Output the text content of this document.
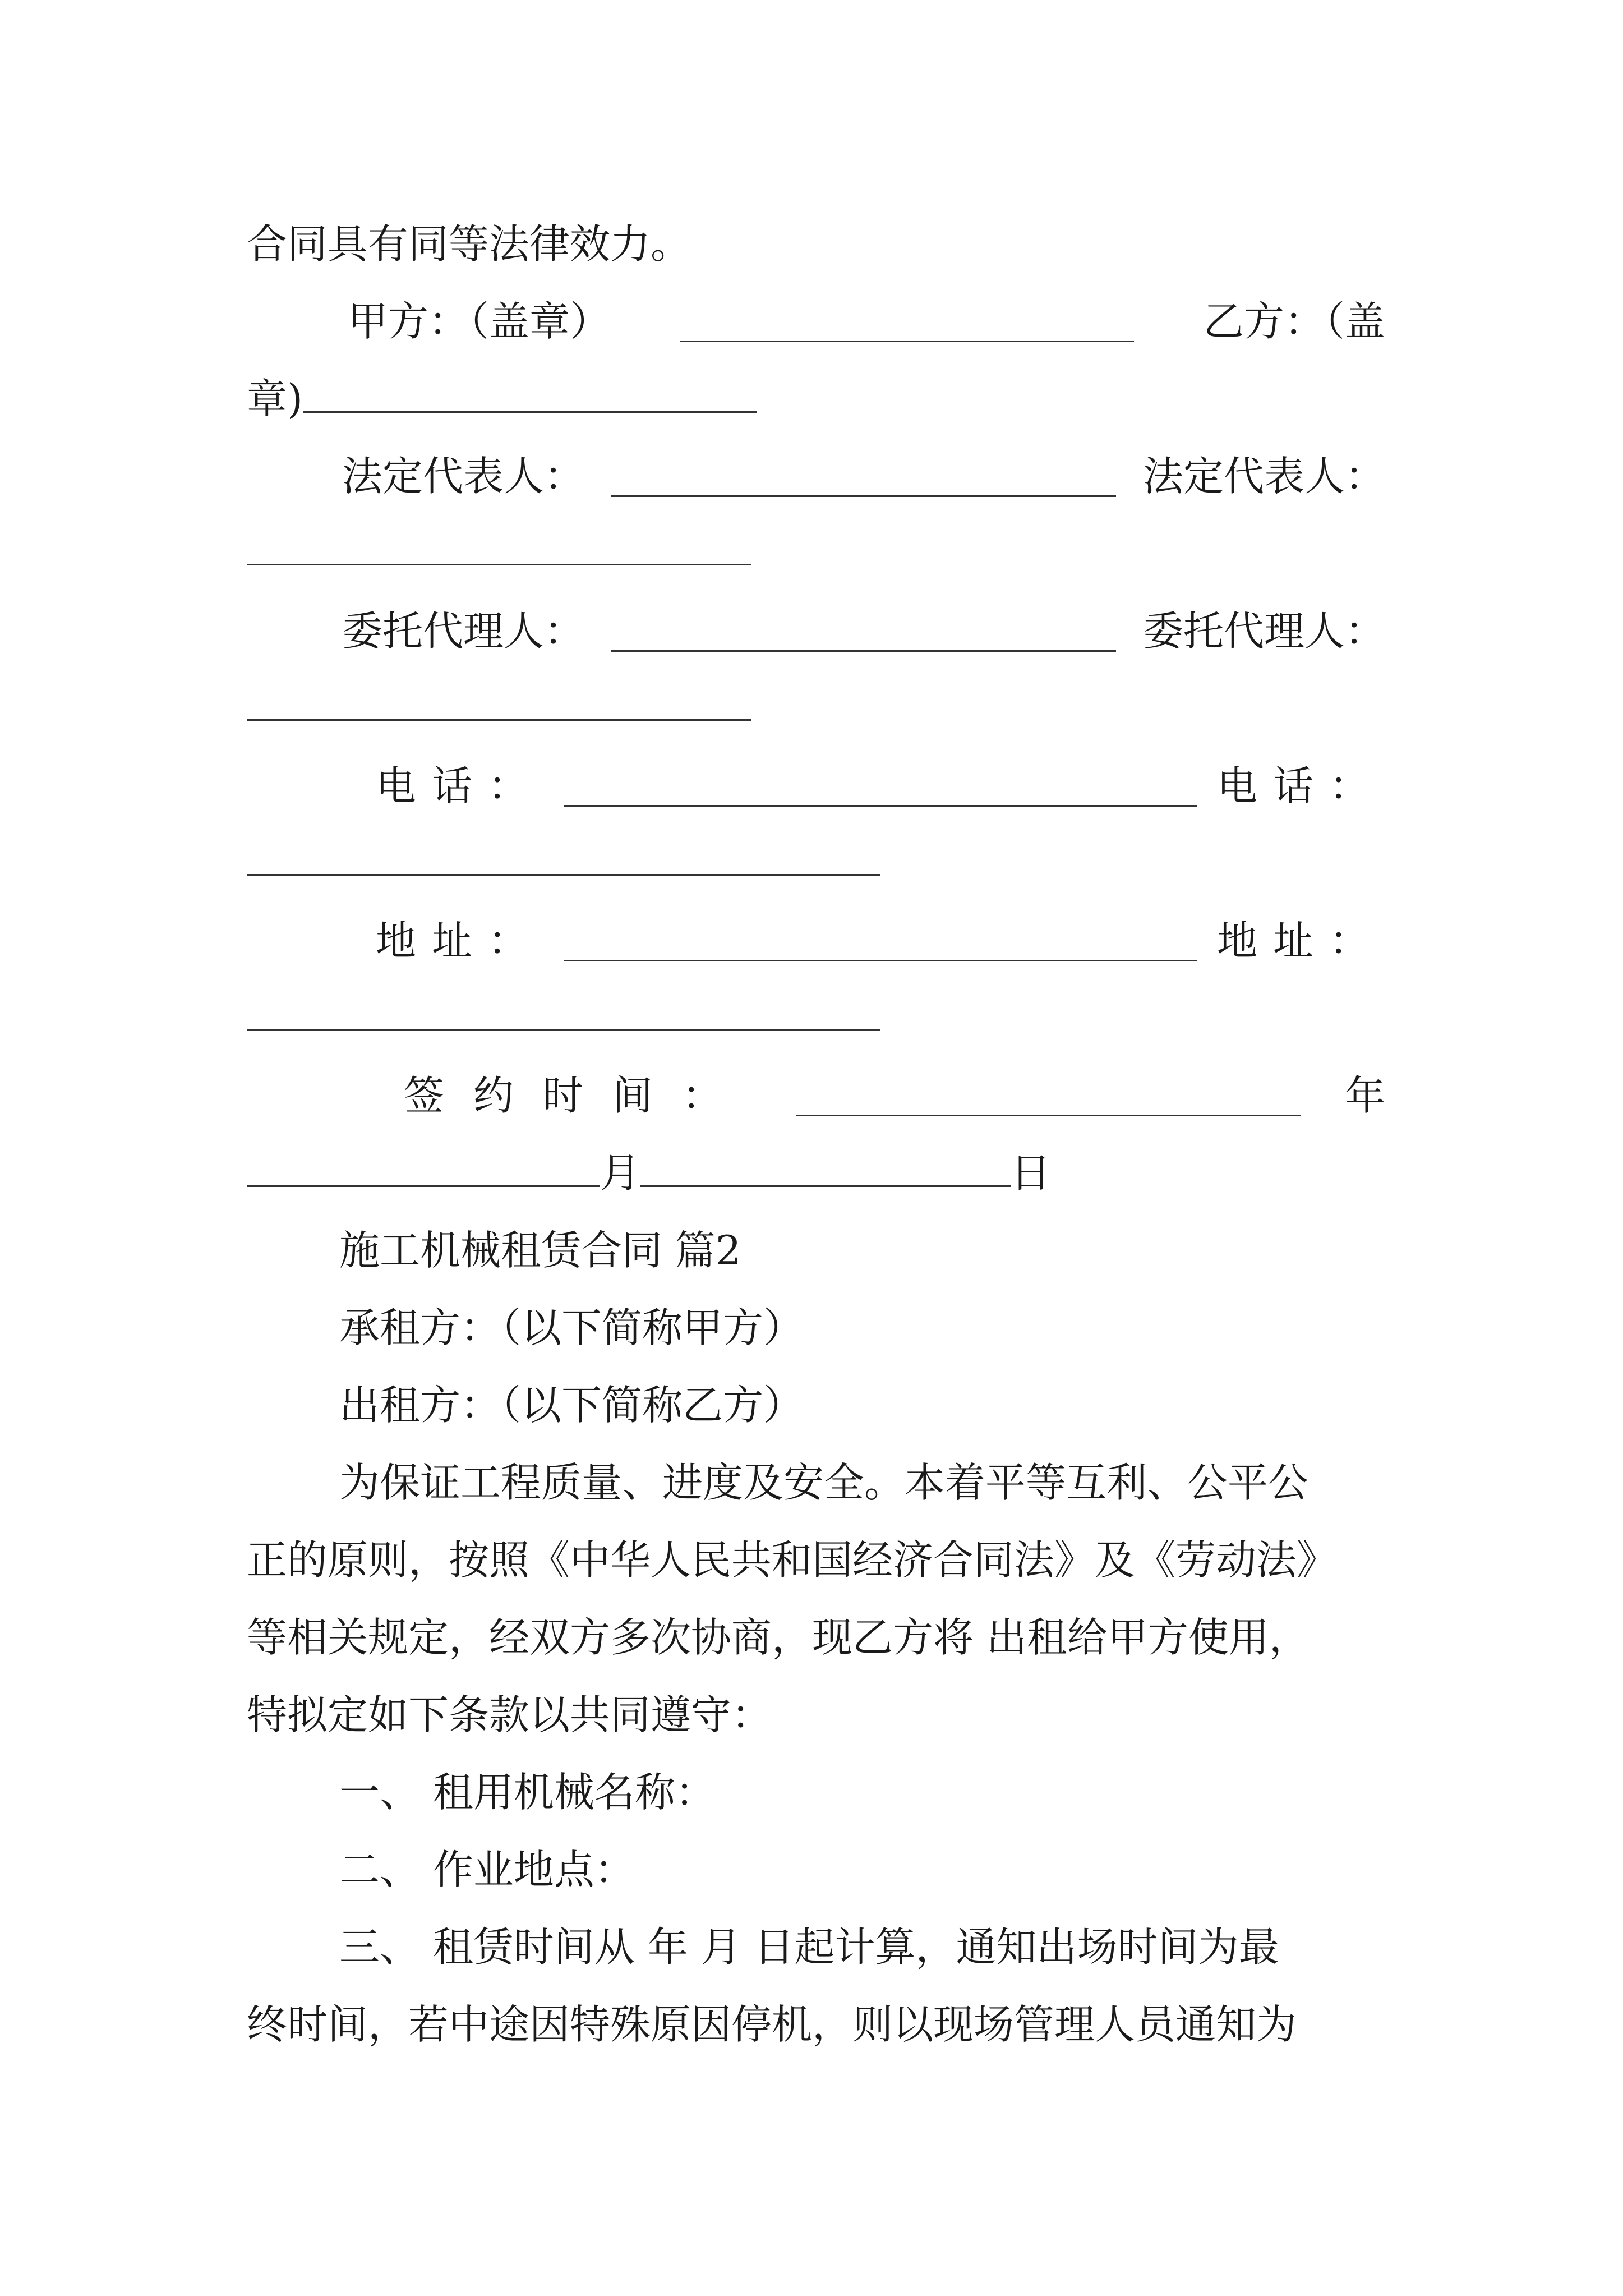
合同具有同等法律效力。
甲方：（盖章）	乙方：（盖
章)
法定代表人：	法定代表人：
委托代理人：	委托代理人：
电话：	电话：
地址：	地址：
签约时间：	年
月	日
施工机械租赁合同 篇2
承租方：（以下简称甲方）
出租方：（以下简称乙方）
为保证工程质量、进度及安全。本着平等互利、公平公
正的原则，按照《中华人民共和国经济合同法》及《劳动法》
等相关规定，经双方多次协商，现乙方将 出租给甲方使用，
特拟定如下条款以共同遵守：
一、 租用机械名称：
二、 作业地点：
三、 租赁时间从 年 月 日起计算，通知出场时间为最
终时间，若中途因特殊原因停机，则以现场管理人员通知为
